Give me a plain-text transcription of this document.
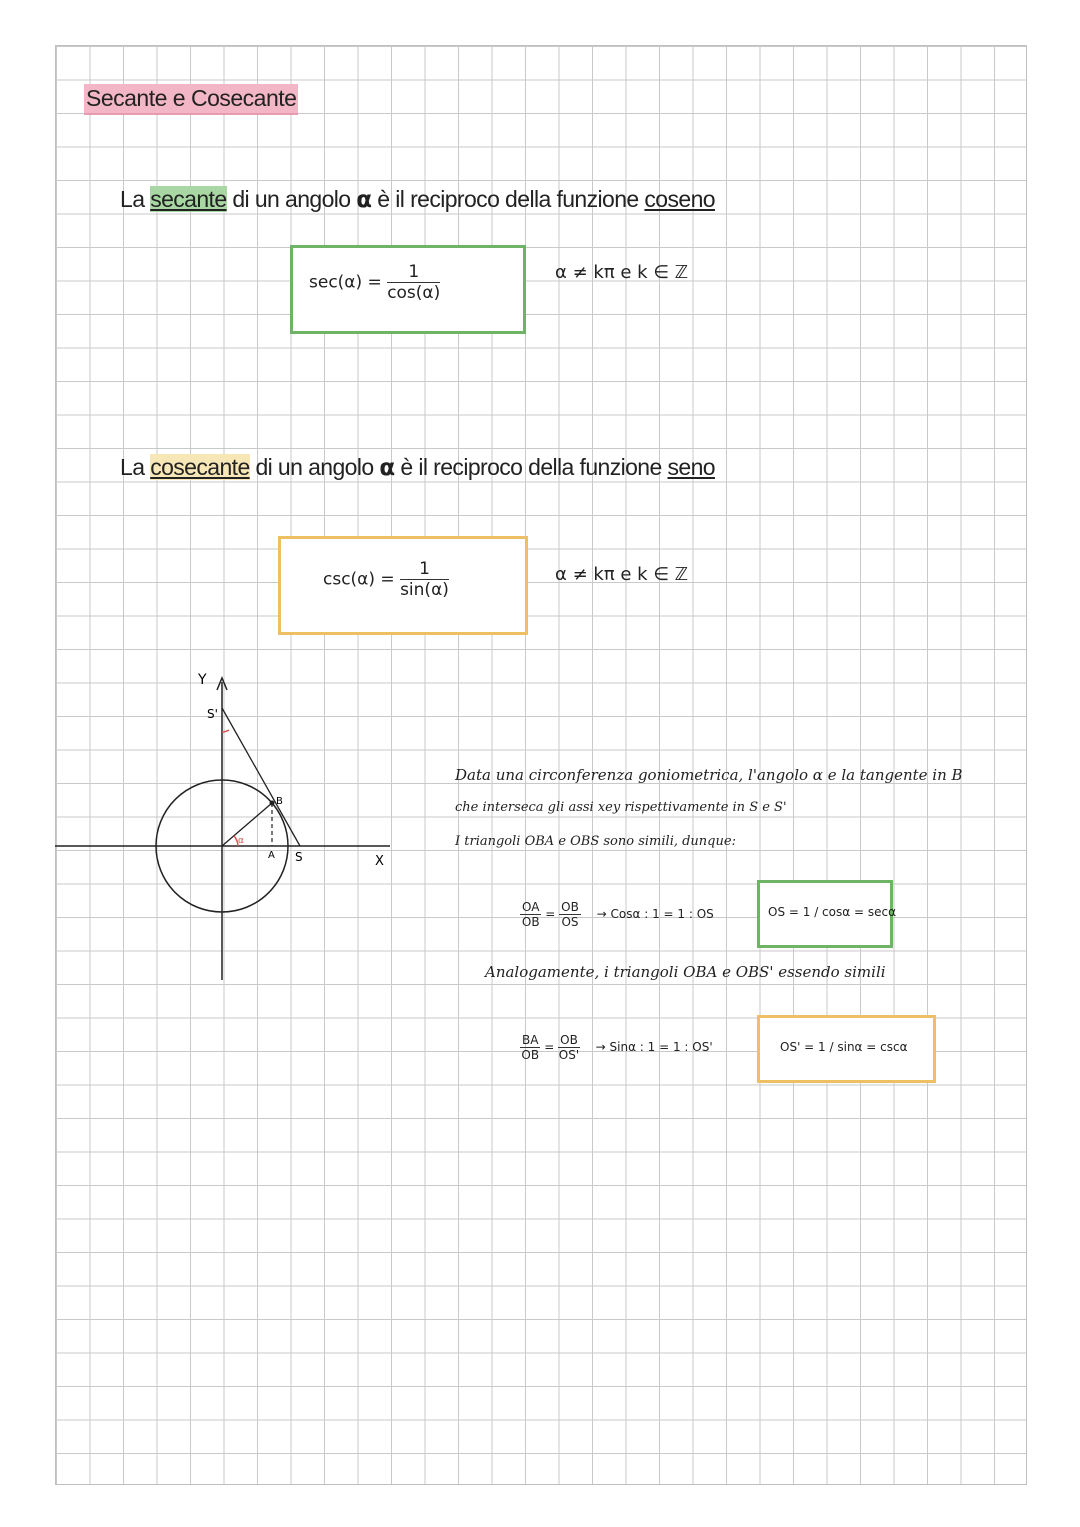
Secante e Cosecante
La secante di un angolo α è il reciproco della funzione coseno
$\sec(\alpha) = \frac{1}{\cos(\alpha)}$	α ≠ kπ e k ∈ ℤ
La cosecante di un angolo α è il reciproco della funzione seno
$\csc(\alpha) = \frac{1}{\sin(\alpha)}$	α ≠ kπ e k ∈ ℤ
Y
X
S'
S
A
B
α
Data una circonferenza goniometrica, l'angolo α e la tangente in B
che interseca gli assi xey rispettivamente in S e S'
I triangoli OBA e OBS sono simili, dunque:
$\frac{OA}{OB} = \frac{OB}{OS} \to Cos\alpha$ : 1 = 1 : OS	OS = 1 / cosα = secα
Analogamente, i triangoli OBA e OBS' essendo simili
$\frac{BA}{OB} = \frac{OB}{OS'} \to Sin\alpha$ : 1 = 1 : OS'	OS' = 1 / sinα = cscα
